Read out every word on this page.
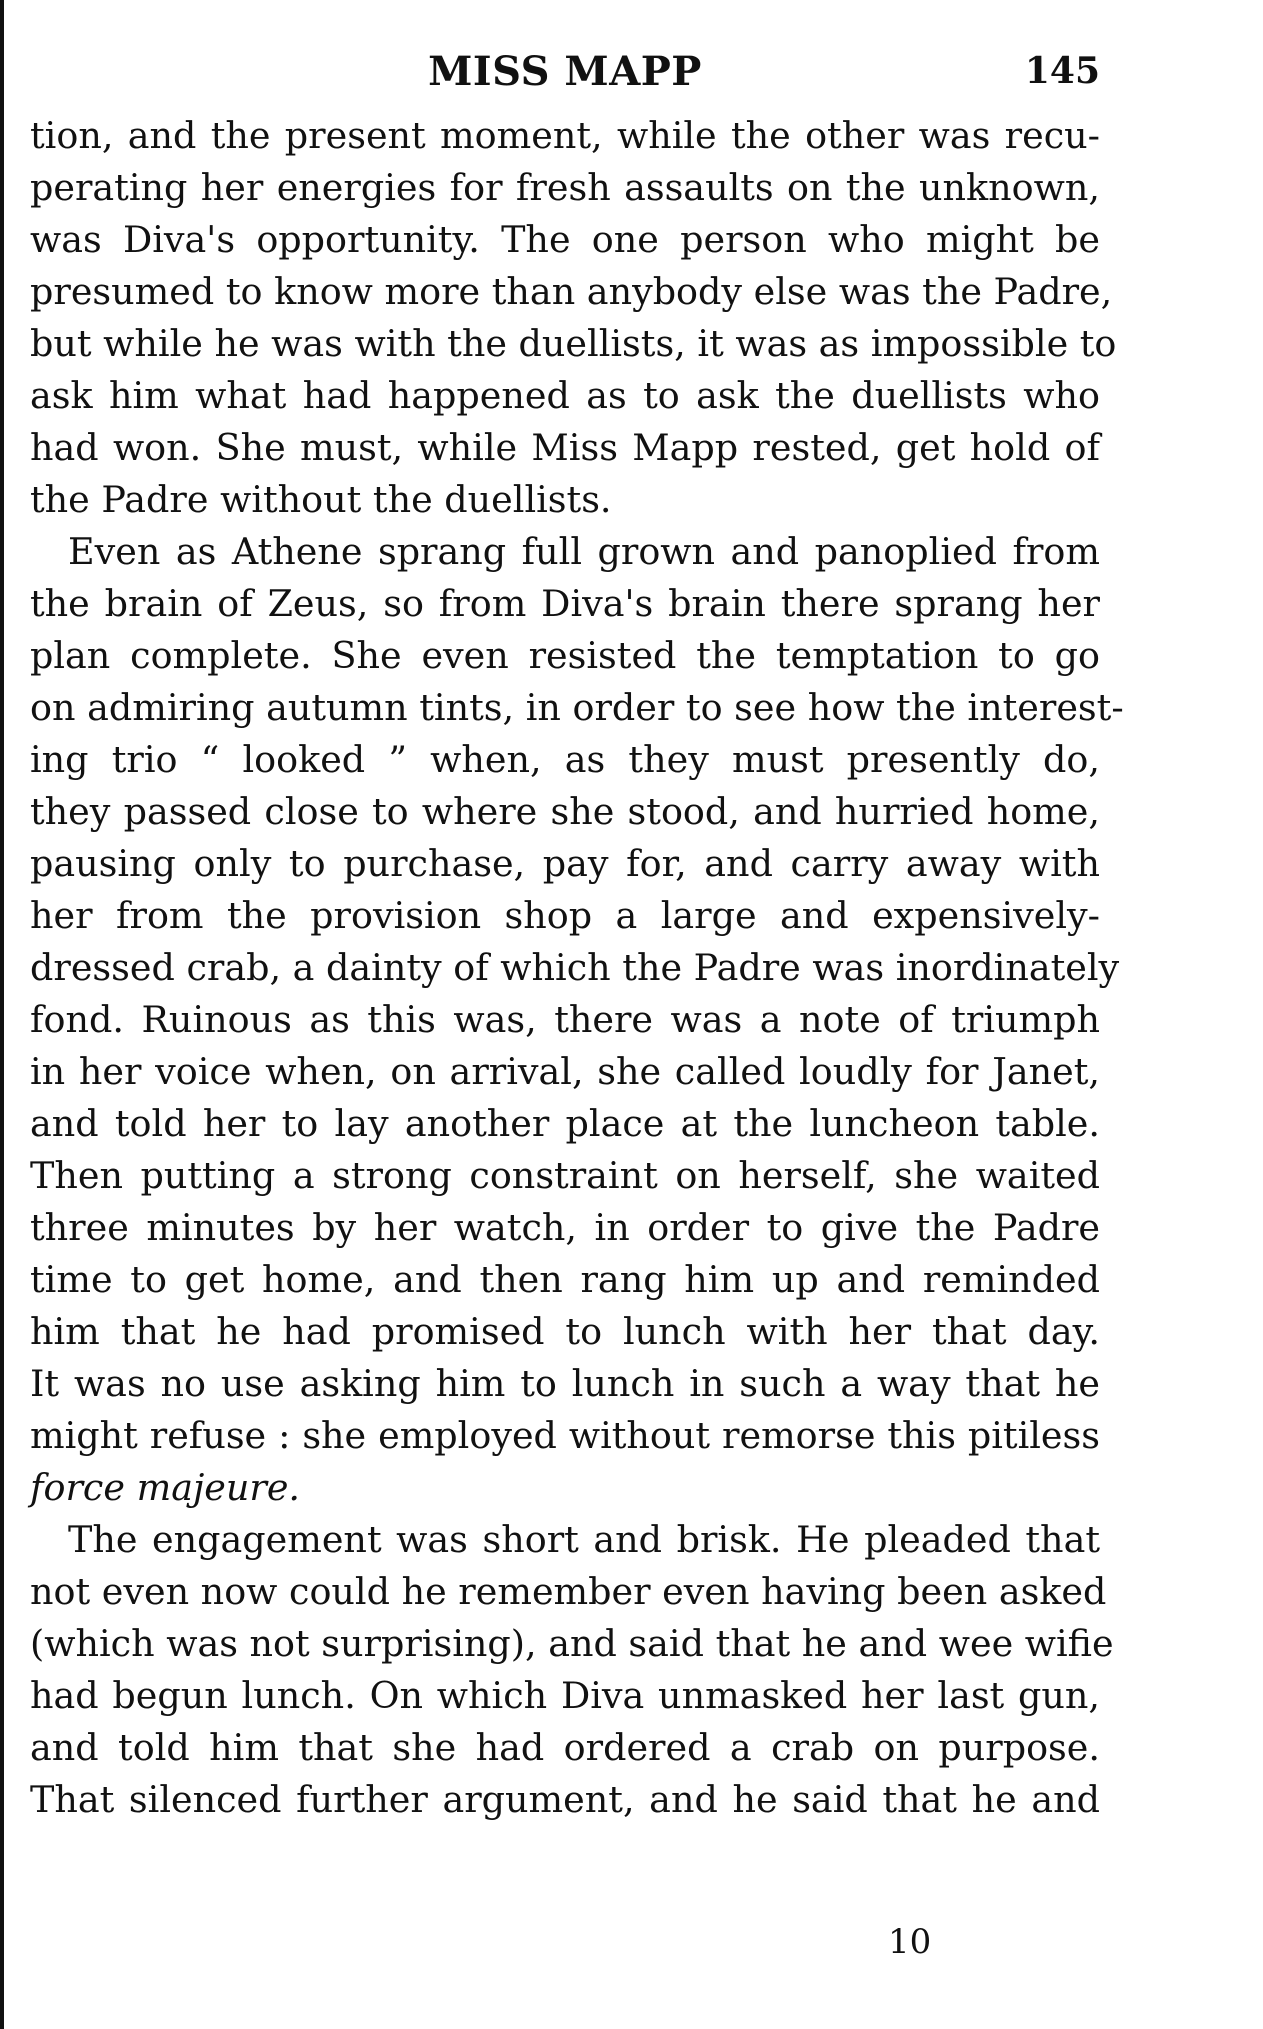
MISS MAPP	145
tion, and the present moment, while the other was recu-
perating her energies for fresh assaults on the unknown,
was Diva's opportunity. The one person who might be
presumed to know more than anybody else was the Padre,
but while he was with the duellists, it was as impossible to
ask him what had happened as to ask the duellists who
had won. She must, while Miss Mapp rested, get hold of
the Padre without the duellists.
Even as Athene sprang full grown and panoplied from
the brain of Zeus, so from Diva's brain there sprang her
plan complete. She even resisted the temptation to go
on admiring autumn tints, in order to see how the interest-
ing trio “ looked ” when, as they must presently do,
they passed close to where she stood, and hurried home,
pausing only to purchase, pay for, and carry away with
her from the provision shop a large and expensively-
dressed crab, a dainty of which the Padre was inordinately
fond. Ruinous as this was, there was a note of triumph
in her voice when, on arrival, she called loudly for Janet,
and told her to lay another place at the luncheon table.
Then putting a strong constraint on herself, she waited
three minutes by her watch, in order to give the Padre
time to get home, and then rang him up and reminded
him that he had promised to lunch with her that day.
It was no use asking him to lunch in such a way that he
might refuse : she employed without remorse this pitiless
force majeure.
The engagement was short and brisk. He pleaded that
not even now could he remember even having been asked
(which was not surprising), and said that he and wee wifie
had begun lunch. On which Diva unmasked her last gun,
and told him that she had ordered a crab on purpose.
That silenced further argument, and he said that he and
10
